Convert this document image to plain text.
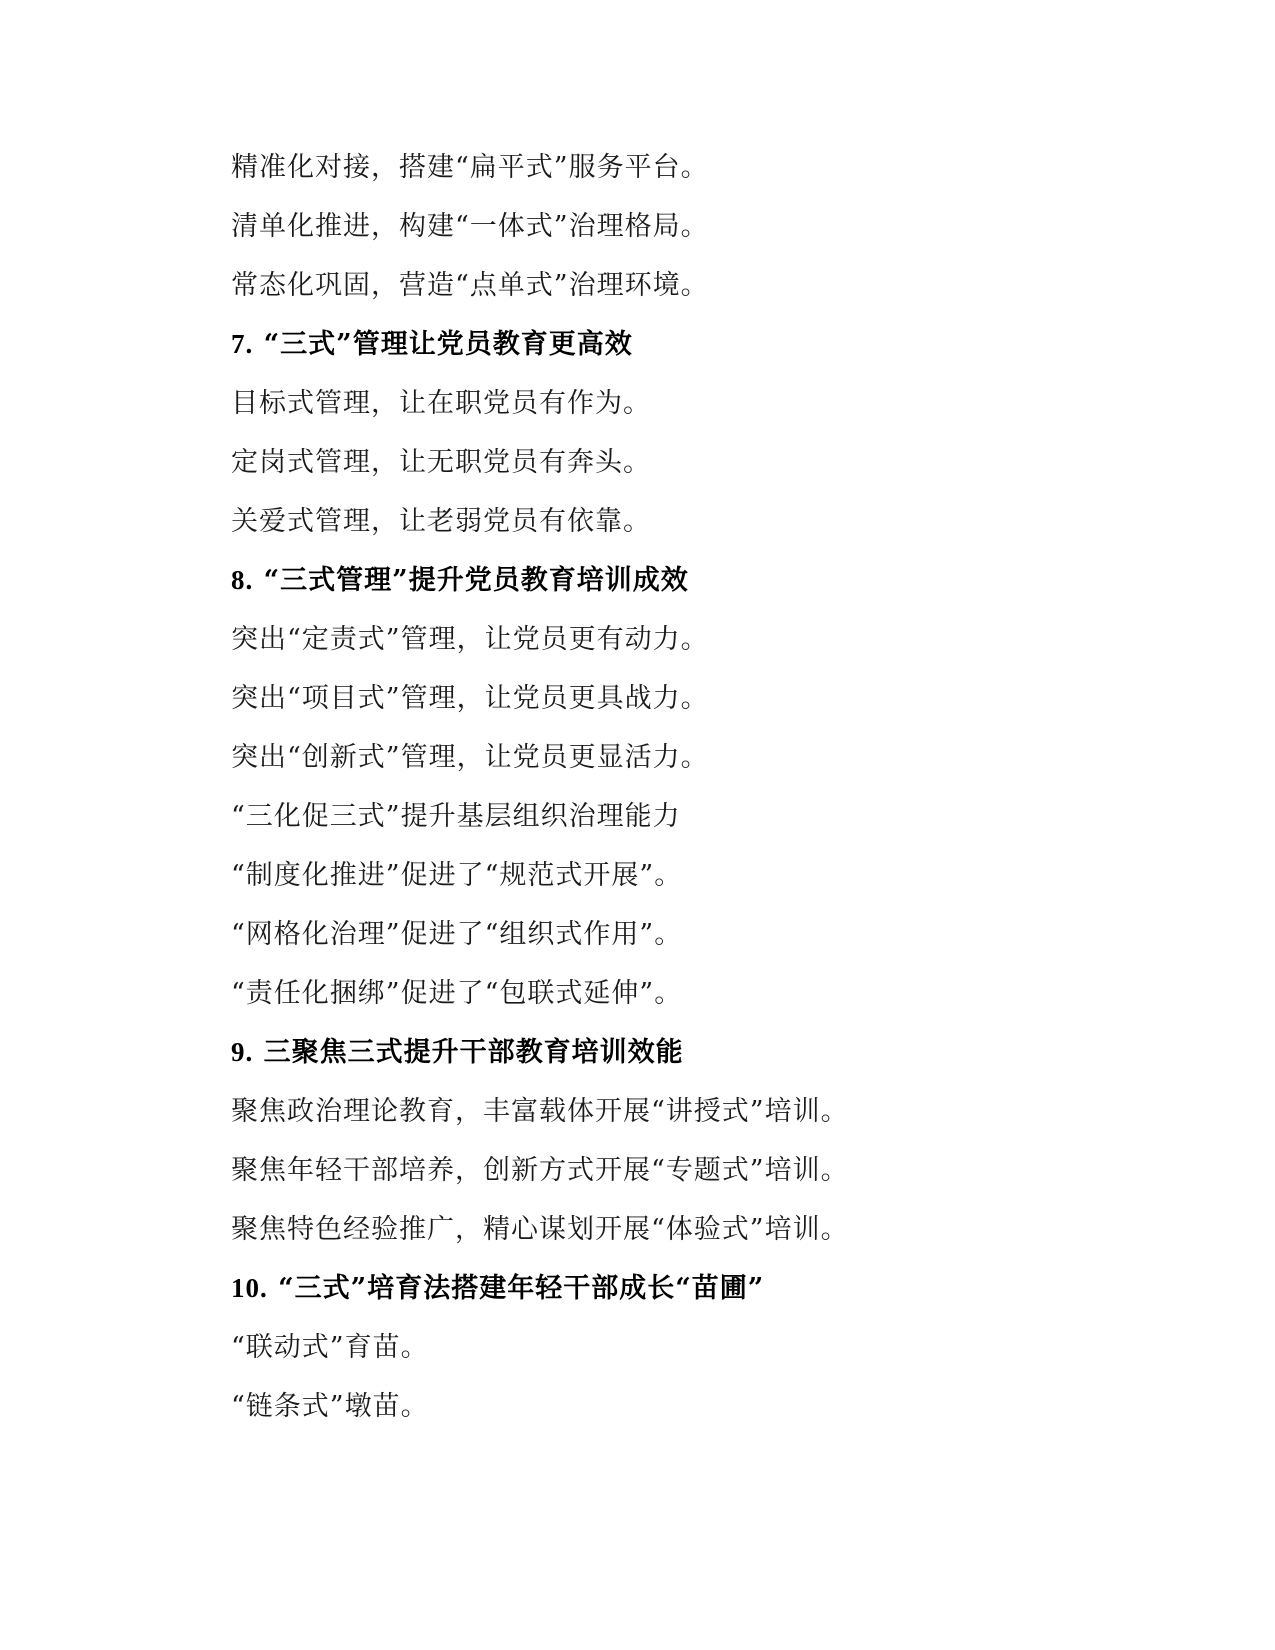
精准化对接，搭建“扁平式”服务平台。
清单化推进，构建“一体式”治理格局。
常态化巩固，营造“点单式”治理环境。
7. “三式”管理让党员教育更高效
目标式管理，让在职党员有作为。
定岗式管理，让无职党员有奔头。
关爱式管理，让老弱党员有依靠。
8. “三式管理”提升党员教育培训成效
突出“定责式”管理，让党员更有动力。
突出“项目式”管理，让党员更具战力。
突出“创新式”管理，让党员更显活力。
“三化促三式”提升基层组织治理能力
“制度化推进”促进了“规范式开展”。
“网格化治理”促进了“组织式作用”。
“责任化捆绑”促进了“包联式延伸”。
9. 三聚焦三式提升干部教育培训效能
聚焦政治理论教育，丰富载体开展“讲授式”培训。
聚焦年轻干部培养，创新方式开展“专题式”培训。
聚焦特色经验推广，精心谋划开展“体验式”培训。
10. “三式”培育法搭建年轻干部成长“苗圃”
“联动式”育苗。
“链条式”墩苗。
